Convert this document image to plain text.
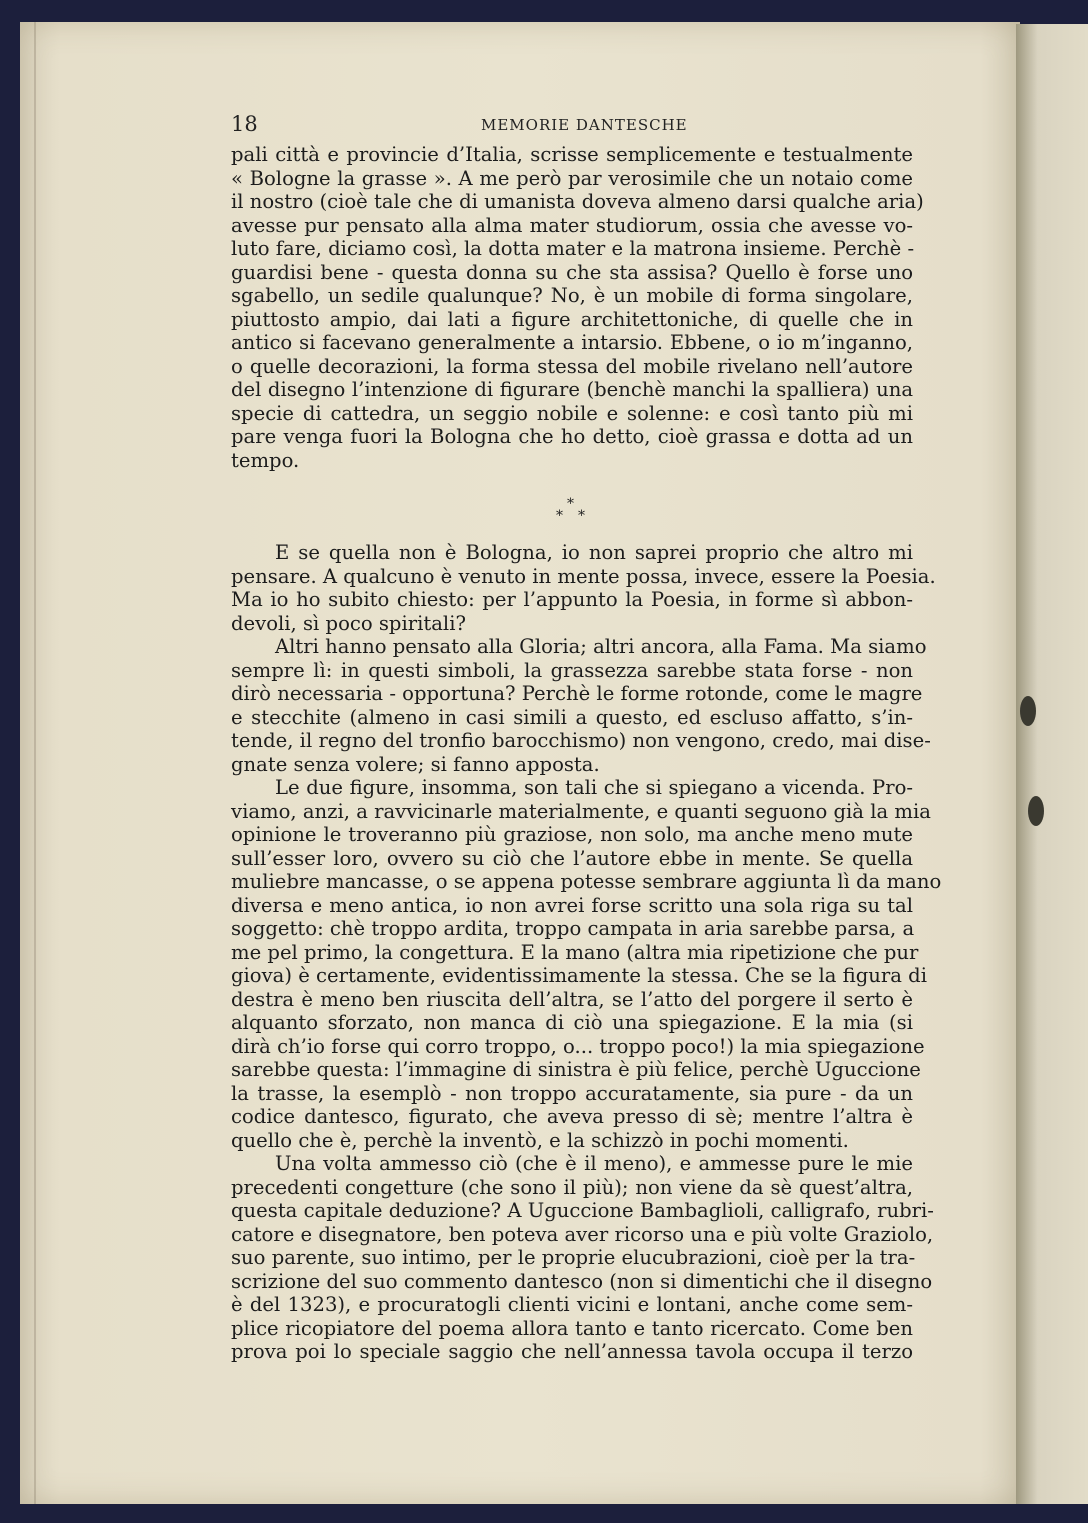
18	MEMORIE DANTESCHE
pali città e provincie d’Italia, scrisse semplicemente e testualmente
« Bologne la grasse ». A me però par verosimile che un notaio come
il nostro (cioè tale che di umanista doveva almeno darsi qualche aria)
avesse pur pensato alla alma mater studiorum, ossia che avesse vo-
luto fare, diciamo così, la dotta mater e la matrona insieme. Perchè -
guardisi bene - questa donna su che sta assisa? Quello è forse uno
sgabello, un sedile qualunque? No, è un mobile di forma singolare,
piuttosto ampio, dai lati a figure architettoniche, di quelle che in
antico si facevano generalmente a intarsio. Ebbene, o io m’inganno,
o quelle decorazioni, la forma stessa del mobile rivelano nell’autore
del disegno l’intenzione di figurare (benchè manchi la spalliera) una
specie di cattedra, un seggio nobile e solenne: e così tanto più mi
pare venga fuori la Bologna che ho detto, cioè grassa e dotta ad un
tempo.
*
* *
E se quella non è Bologna, io non saprei proprio che altro mi
pensare. A qualcuno è venuto in mente possa, invece, essere la Poesia.
Ma io ho subito chiesto: per l’appunto la Poesia, in forme sì abbon-
devoli, sì poco spiritali?
Altri hanno pensato alla Gloria; altri ancora, alla Fama. Ma siamo
sempre lì: in questi simboli, la grassezza sarebbe stata forse - non
dirò necessaria - opportuna? Perchè le forme rotonde, come le magre
e stecchite (almeno in casi simili a questo, ed escluso affatto, s’in-
tende, il regno del tronfio barocchismo) non vengono, credo, mai dise-
gnate senza volere; si fanno apposta.
Le due figure, insomma, son tali che si spiegano a vicenda. Pro-
viamo, anzi, a ravvicinarle materialmente, e quanti seguono già la mia
opinione le troveranno più graziose, non solo, ma anche meno mute
sull’esser loro, ovvero su ciò che l’autore ebbe in mente. Se quella
muliebre mancasse, o se appena potesse sembrare aggiunta lì da mano
diversa e meno antica, io non avrei forse scritto una sola riga su tal
soggetto: chè troppo ardita, troppo campata in aria sarebbe parsa, a
me pel primo, la congettura. E la mano (altra mia ripetizione che pur
giova) è certamente, evidentissimamente la stessa. Che se la figura di
destra è meno ben riuscita dell’altra, se l’atto del porgere il serto è
alquanto sforzato, non manca di ciò una spiegazione. E la mia (si
dirà ch’io forse qui corro troppo, o... troppo poco!) la mia spiegazione
sarebbe questa: l’immagine di sinistra è più felice, perchè Uguccione
la trasse, la esemplò - non troppo accuratamente, sia pure - da un
codice dantesco, figurato, che aveva presso di sè; mentre l’altra è
quello che è, perchè la inventò, e la schizzò in pochi momenti.
Una volta ammesso ciò (che è il meno), e ammesse pure le mie
precedenti congetture (che sono il più); non viene da sè quest’altra,
questa capitale deduzione? A Uguccione Bambaglioli, calligrafo, rubri-
catore e disegnatore, ben poteva aver ricorso una e più volte Graziolo,
suo parente, suo intimo, per le proprie elucubrazioni, cioè per la tra-
scrizione del suo commento dantesco (non si dimentichi che il disegno
è del 1323), e procuratogli clienti vicini e lontani, anche come sem-
plice ricopiatore del poema allora tanto e tanto ricercato. Come ben
prova poi lo speciale saggio che nell’annessa tavola occupa il terzo
